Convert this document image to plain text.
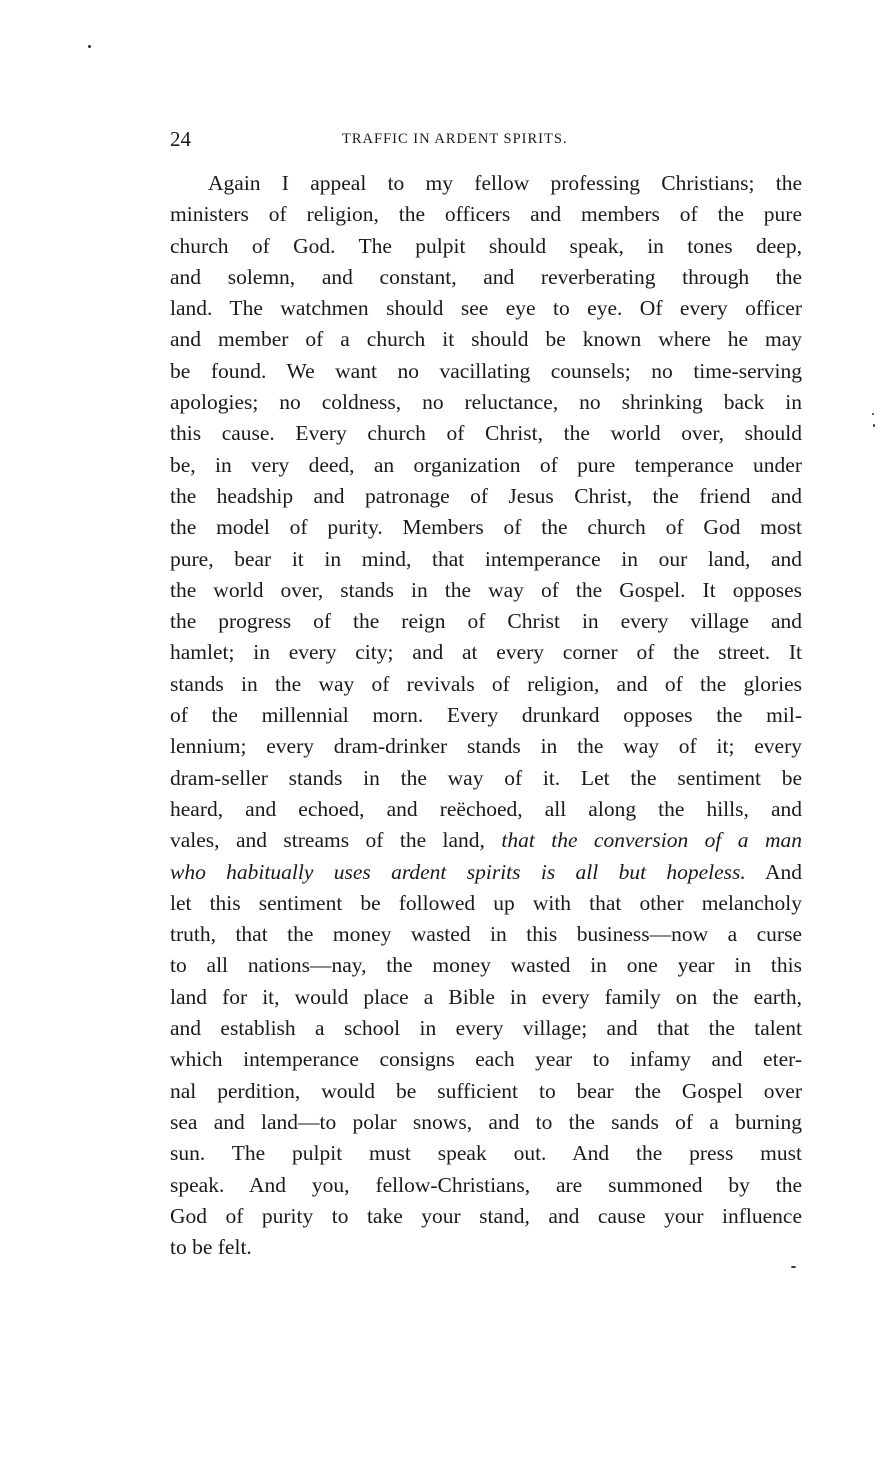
24	TRAFFIC IN ARDENT SPIRITS.
Again I appeal to my fellow professing Christians; the
ministers of religion, the officers and members of the pure
church of God. The pulpit should speak, in tones deep,
and solemn, and constant, and reverberating through the
land. The watchmen should see eye to eye. Of every officer
and member of a church it should be known where he may
be found. We want no vacillating counsels; no time-serving
apologies; no coldness, no reluctance, no shrinking back in
this cause. Every church of Christ, the world over, should
be, in very deed, an organization of pure temperance under
the headship and patronage of Jesus Christ, the friend and
the model of purity. Members of the church of God most
pure, bear it in mind, that intemperance in our land, and
the world over, stands in the way of the Gospel. It opposes
the progress of the reign of Christ in every village and
hamlet; in every city; and at every corner of the street. It
stands in the way of revivals of religion, and of the glories
of the millennial morn. Every drunkard opposes the mil-
lennium; every dram-drinker stands in the way of it; every
dram-seller stands in the way of it. Let the sentiment be
heard, and echoed, and reëchoed, all along the hills, and
vales, and streams of the land, that the conversion of a man
who habitually uses ardent spirits is all but hopeless. And
let this sentiment be followed up with that other melancholy
truth, that the money wasted in this business—now a curse
to all nations—nay, the money wasted in one year in this
land for it, would place a Bible in every family on the earth,
and establish a school in every village; and that the talent
which intemperance consigns each year to infamy and eter-
nal perdition, would be sufficient to bear the Gospel over
sea and land—to polar snows, and to the sands of a burning
sun. The pulpit must speak out. And the press must
speak. And you, fellow-Christians, are summoned by the
God of purity to take your stand, and cause your influence
to be felt.
